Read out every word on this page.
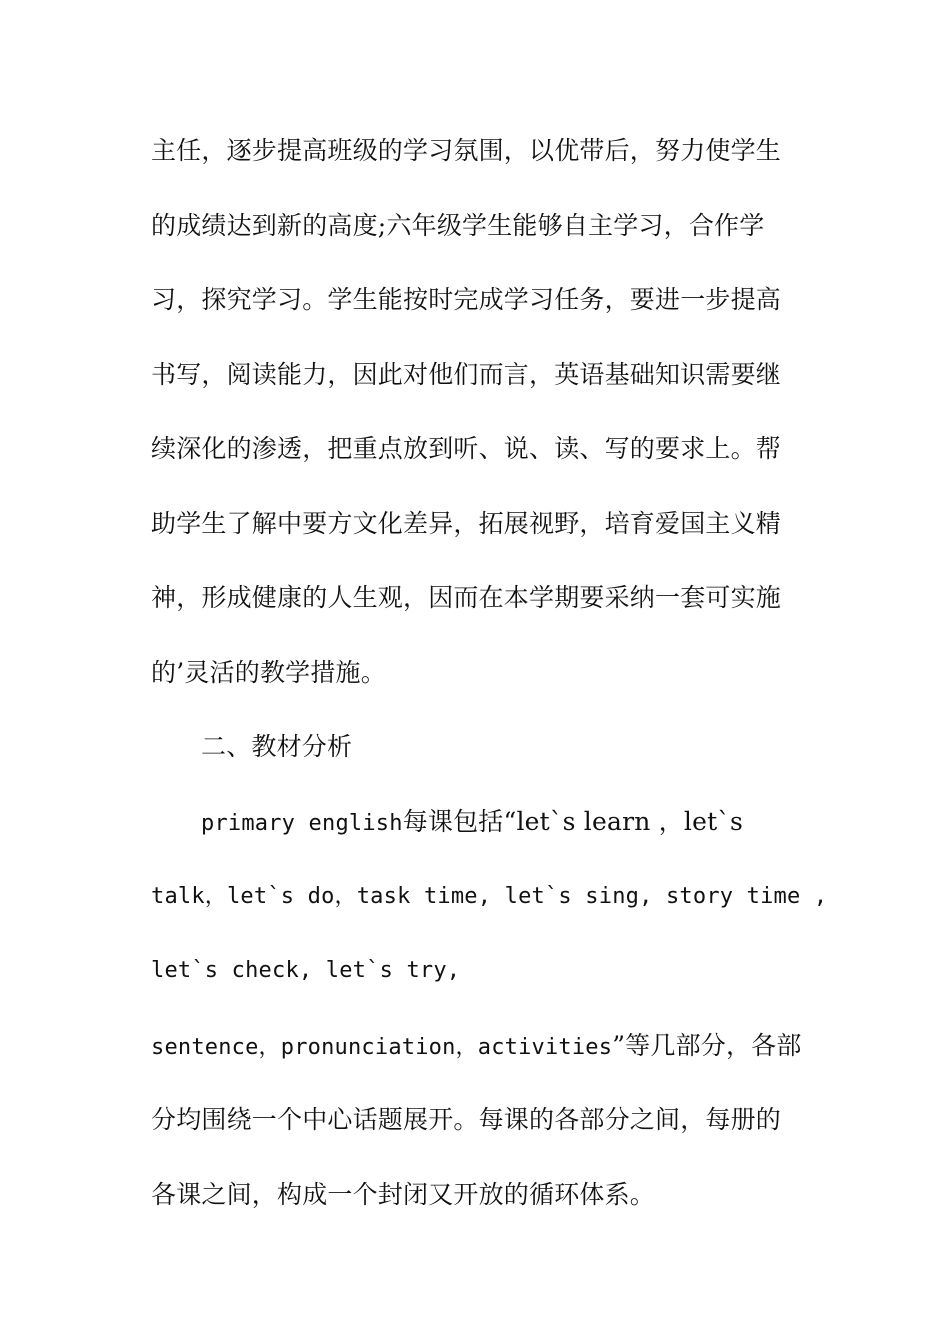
主任，逐步提高班级的学习氛围，以优带后，努力使学生
的成绩达到新的高度;六年级学生能够自主学习，合作学
习，探究学习。学生能按时完成学习任务，要进一步提高
书写，阅读能力，因此对他们而言，英语基础知识需要继
续深化的渗透，把重点放到听、说、读、写的要求上。帮
助学生了解中要方文化差异，拓展视野，培育爱国主义精
神，形成健康的人生观，因而在本学期要采纳一套可实施
的’灵活的教学措施。
二、教材分析
primary english每课包括“let`s learn ，let`s
talk，let`s do，task time, let`s sing, story time ,
let`s check, let`s try,
sentence，pronunciation，activities”等几部分，各部
分均围绕一个中心话题展开。每课的各部分之间，每册的
各课之间，构成一个封闭又开放的循环体系。
